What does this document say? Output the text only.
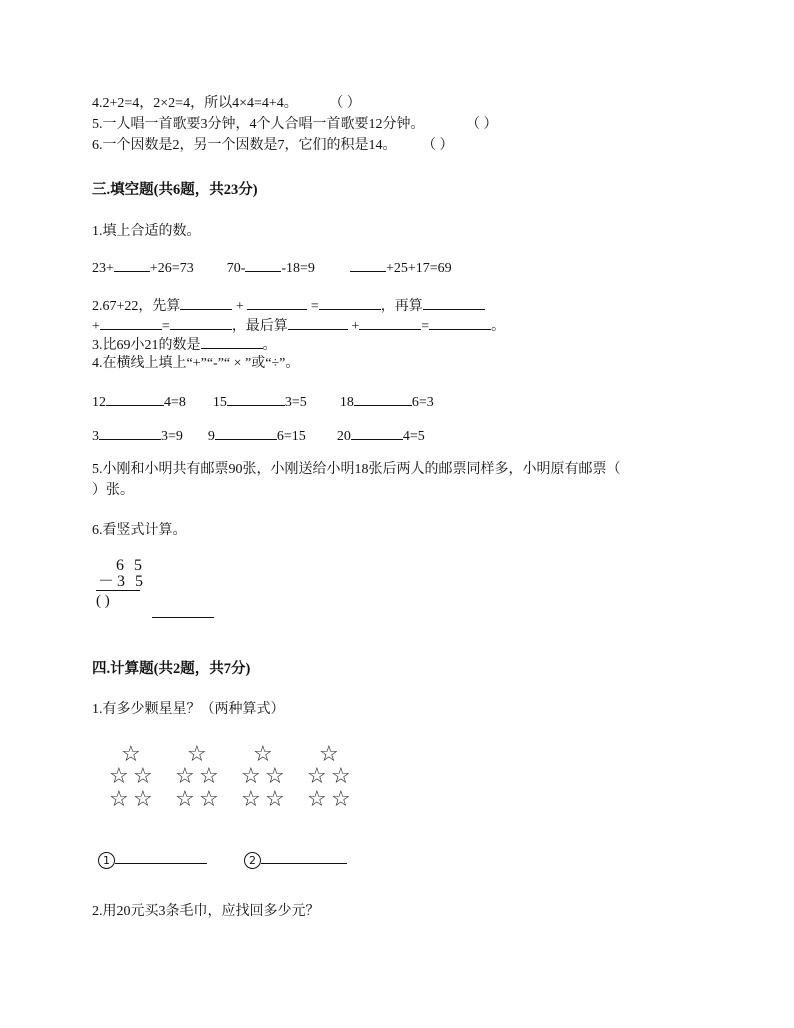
4.2+2=4，2×2=4，所以4×4=4+4。 （ ）
5.一人唱一首歌要3分钟，4个人合唱一首歌要12分钟。	（ ）
6.一个因数是2，另一个因数是7，它们的积是14。 （ ）
三.填空题(共6题，共23分)
1.填上合适的数。
23+	+26=73 70-	-18=9	+25+17=69
2.67+22，先算	+	=	，再算
+	=	，最后算	+	=	。
3.比69小21的数是	。
4.在横线上填上“+”“-”“ × ”或“÷”。
12	4=8 15	3=5 18	6=3
3	3=9 9	6=15 20	4=5
5.小刚和小明共有邮票90张，小刚送给小明18张后两人的邮票同样多，小明原有邮票（
）张。
6.看竖式计算。
6 5
－3 5
( )
四.计算题(共2题，共7分)
1.有多少颗星星？（两种算式）
☆
☆ ☆
☆ ☆
☆
☆ ☆
☆ ☆
☆
☆ ☆
☆ ☆
☆
☆ ☆
☆ ☆
1	2
2.用20元买3条毛巾，应找回多少元？
